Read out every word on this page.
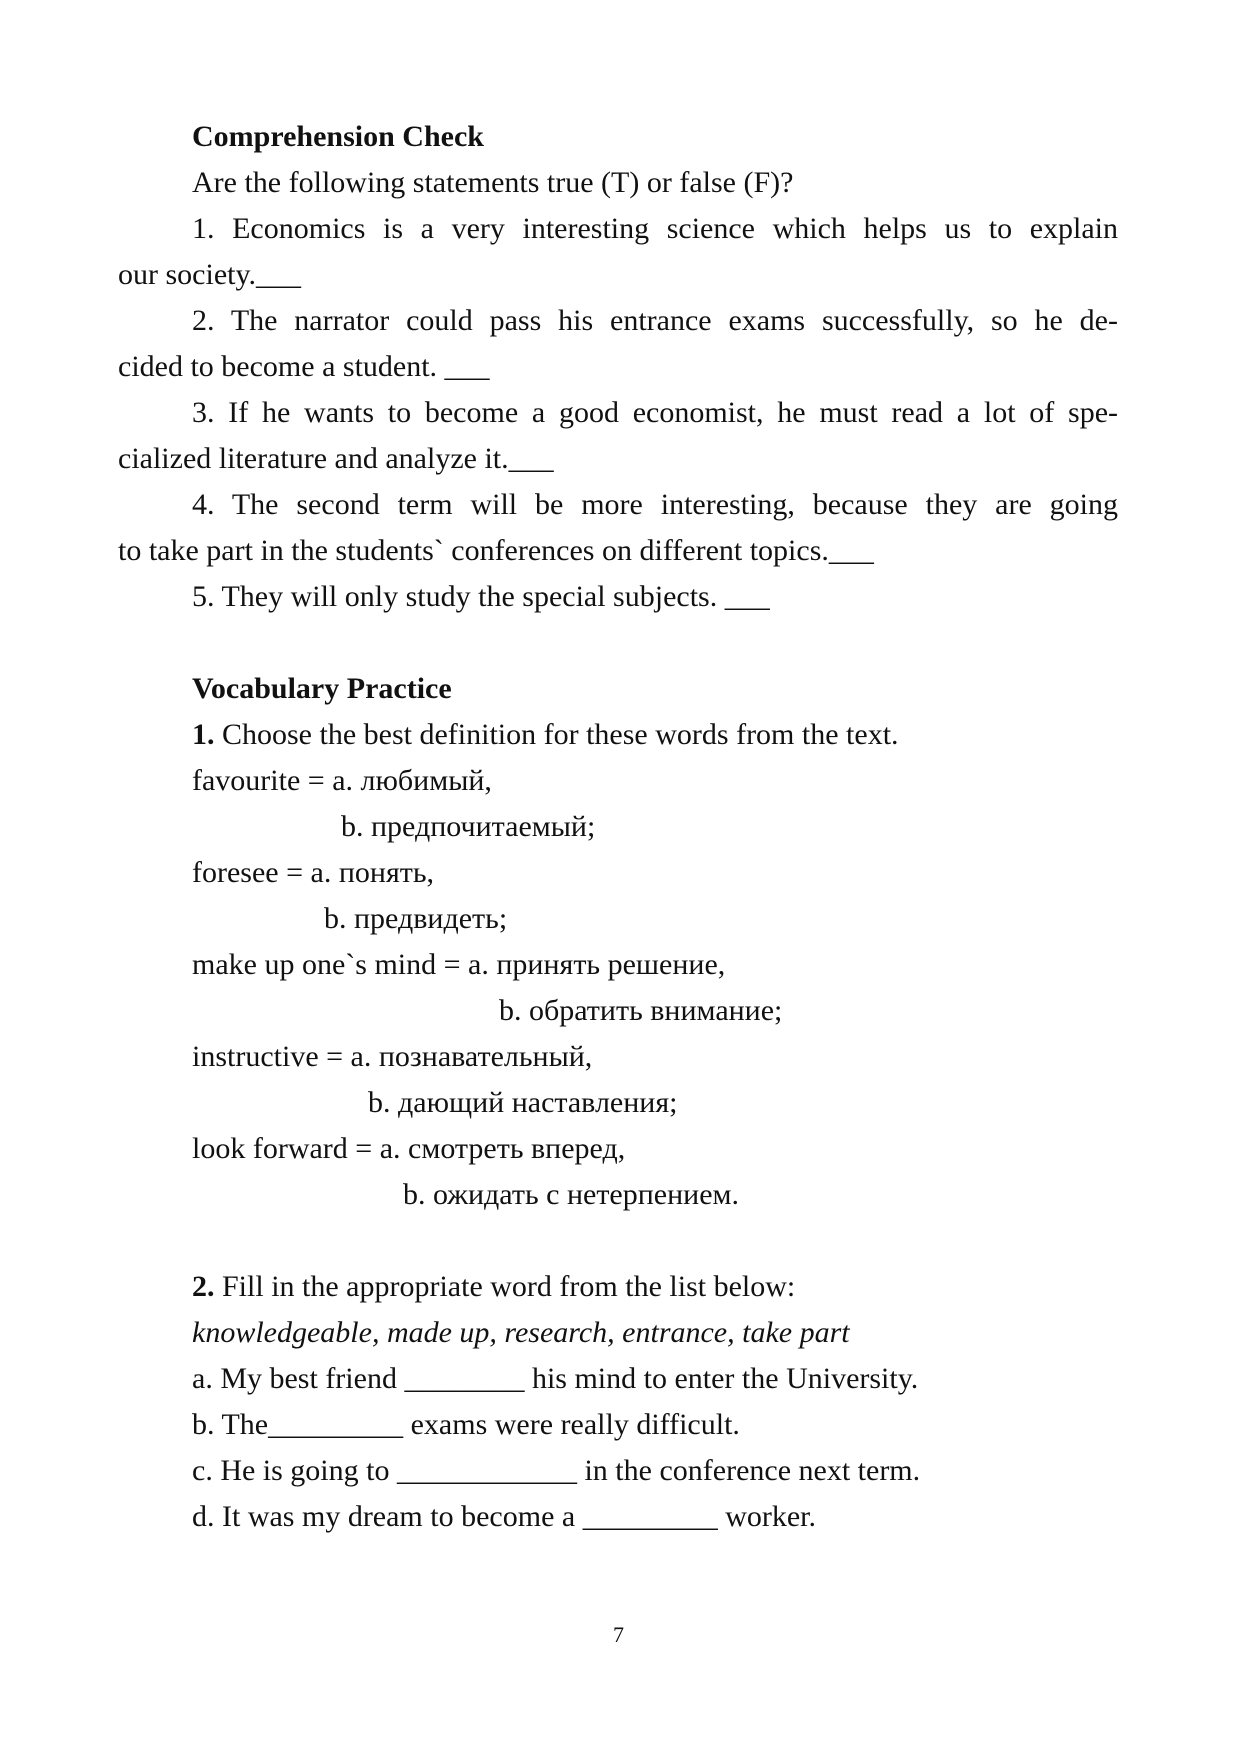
Comprehension Check
Are the following statements true (T) or false (F)?
1. Economics is a very interesting science which helps us to explain
our society.___
2. The narrator could pass his entrance exams successfully, so he de-
cided to become a student. ___
3. If he wants to become a good economist, he must read a lot of spe-
cialized literature and analyze it.___
4. The second term will be more interesting, because they are going
to take part in the students` conferences on different topics.___
5. They will only study the special subjects. ___
Vocabulary Practice
1. Choose the best definition for these words from the text.
favourite = a. любимый,
b. предпочитаемый;
foresee = a. понять,
b. предвидеть;
make up one`s mind = a. принять решение,
b. обратить внимание;
instructive = a. познавательный,
b. дающий наставления;
look forward = a. смотреть вперед,
b. ожидать с нетерпением.
2. Fill in the appropriate word from the list below:
knowledgeable, made up, research, entrance, take part
a. My best friend ________ his mind to enter the University.
b. The_________ exams were really difficult.
c. He is going to ____________ in the conference next term.
d. It was my dream to become a _________ worker.
7
